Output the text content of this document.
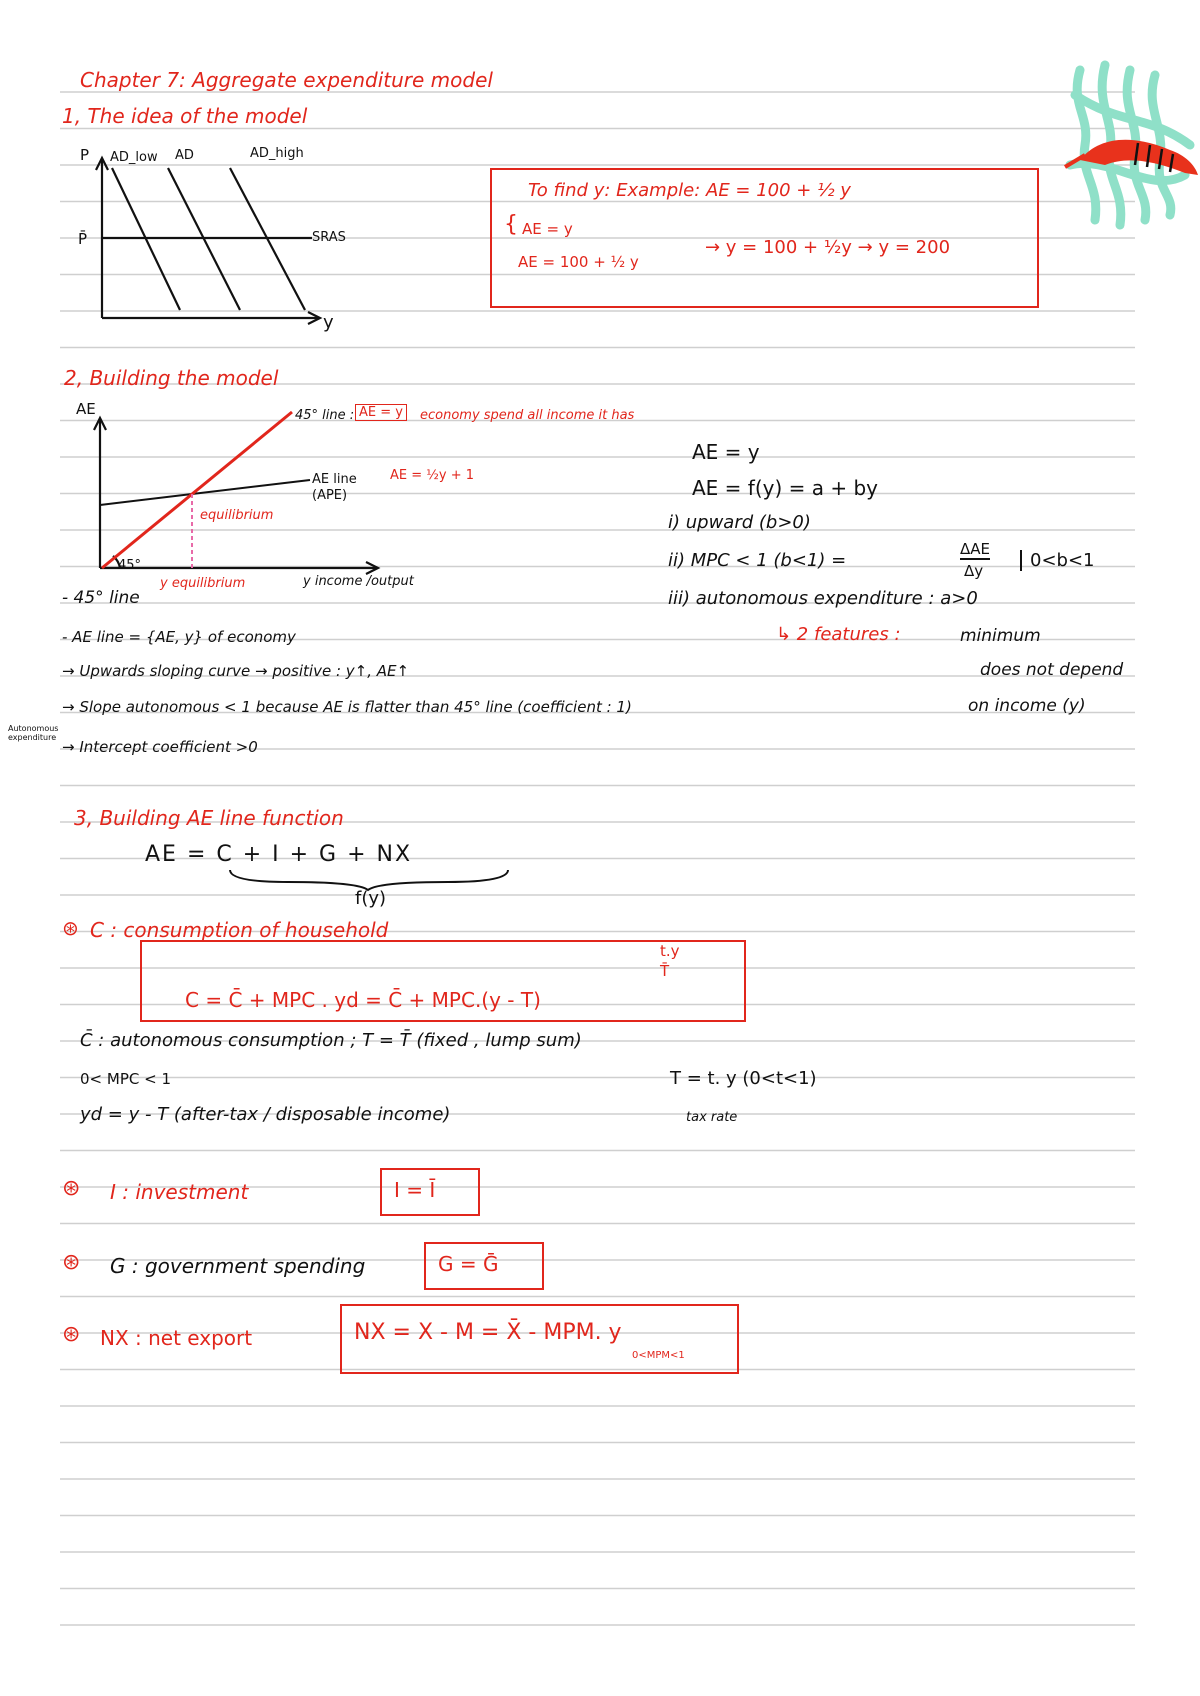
Chapter 7: Aggregate expenditure model
1, The idea of the model
P
P̄
AD_low AD	AD_high
SRAS
y
To find y: Example: AE = 100 + ½ y
{ AE = y
AE = 100 + ½ y
→ y = 100 + ½y → y = 200
2, Building the model
AE	45° line : AE = y	economy spend all income it has
AE line
(APE)
AE = ½y + 1
equilibrium
45°
y equilibrium	y income /output
AE = y
AE = f(y) = a + by
i) upward (b>0)
ii) MPC < 1 (b<1) =
ΔAE
Δy	0<b<1
iii) autonomous expenditure : a>0
↳ 2 features :	minimum
does not depend
on income (y)
- 45° line
- AE line = {AE, y} of economy
→ Upwards sloping curve → positive : y↑, AE↑
→ Slope autonomous < 1 because AE is flatter than 45° line (coefficient : 1)
→ Intercept coefficient >0
Autonomous expenditure
3, Building AE line function
AE = C + I + G + NX
f(y)
⊛ C : consumption of household
C = C̄ + MPC . yd = C̄ + MPC.(y - T)
t.y
T̄
C̄ : autonomous consumption ; T = T̄ (fixed , lump sum)
0< MPC < 1
yd = y - T (after-tax / disposable income)
T = t. y (0<t<1)
tax rate
⊛ I : investment	I = Ī
⊛ G : government spending	G = Ḡ
⊛ NX : net export	NX = X - M = X̄ - MPM. y
0<MPM<1
